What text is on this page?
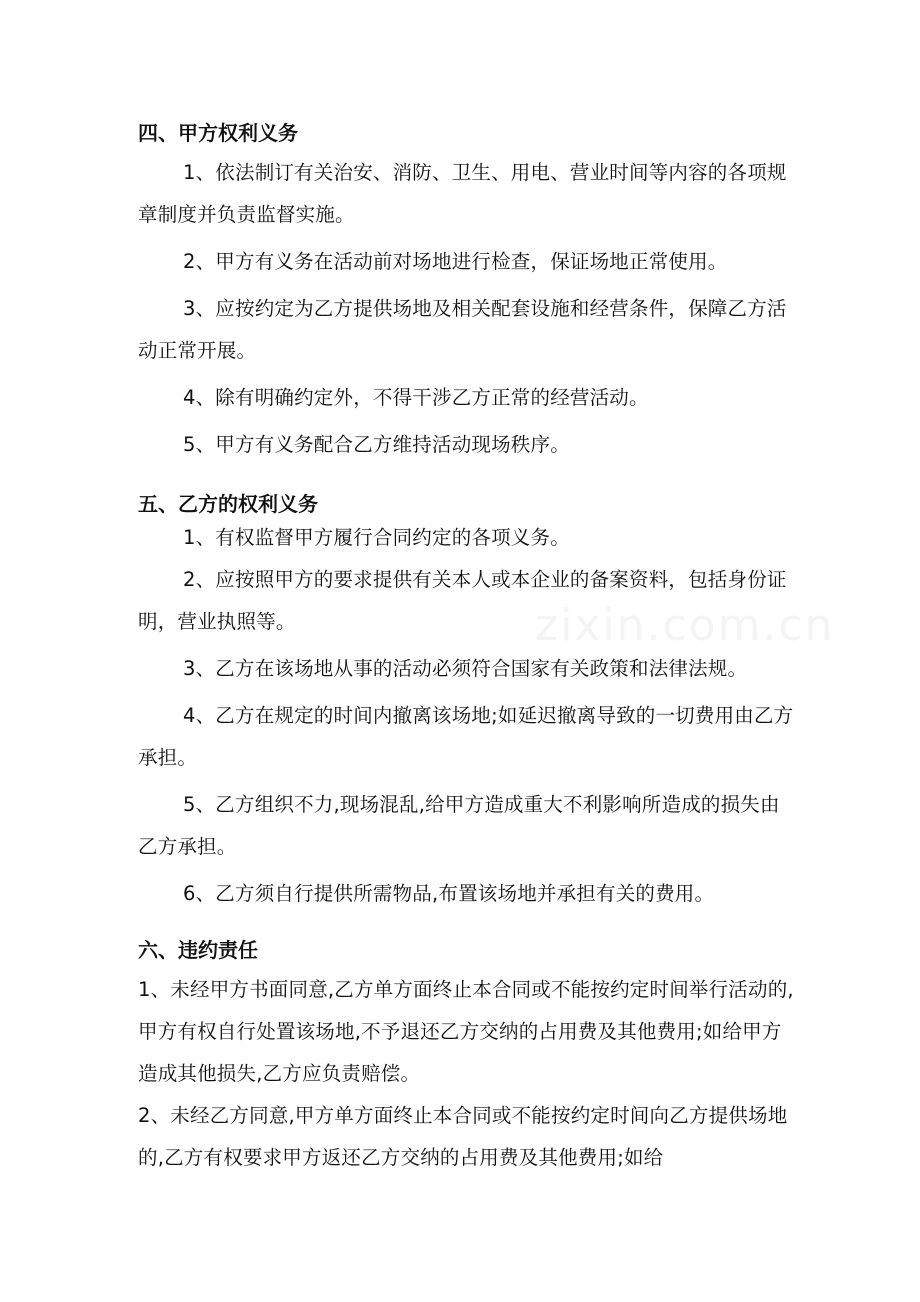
zixin.com.cn
四、甲方权利义务

1、依法制订有关治安、消防、卫生、用电、营业时间等内容的各项规章制度并负责监督实施。

2、甲方有义务在活动前对场地进行检查，保证场地正常使用。

3、应按约定为乙方提供场地及相关配套设施和经营条件，保障乙方活动正常开展。

4、除有明确约定外，不得干涉乙方正常的经营活动。

5、甲方有义务配合乙方维持活动现场秩序。

五、乙方的权利义务

1、有权监督甲方履行合同约定的各项义务。

2、应按照甲方的要求提供有关本人或本企业的备案资料，包括身份证明，营业执照等。

3、乙方在该场地从事的活动必须符合国家有关政策和法律法规。

4、乙方在规定的时间内撤离该场地;如延迟撤离导致的一切费用由乙方承担。

5、乙方组织不力,现场混乱,给甲方造成重大不利影响所造成的损失由乙方承担。

6、乙方须自行提供所需物品,布置该场地并承担有关的费用。

六、违约责任

1、未经甲方书面同意,乙方单方面终止本合同或不能按约定时间举行活动的,甲方有权自行处置该场地,不予退还乙方交纳的占用费及其他费用;如给甲方造成其他损失,乙方应负责赔偿。

2、未经乙方同意,甲方单方面终止本合同或不能按约定时间向乙方提供场地的,乙方有权要求甲方返还乙方交纳的占用费及其他费用;如给
